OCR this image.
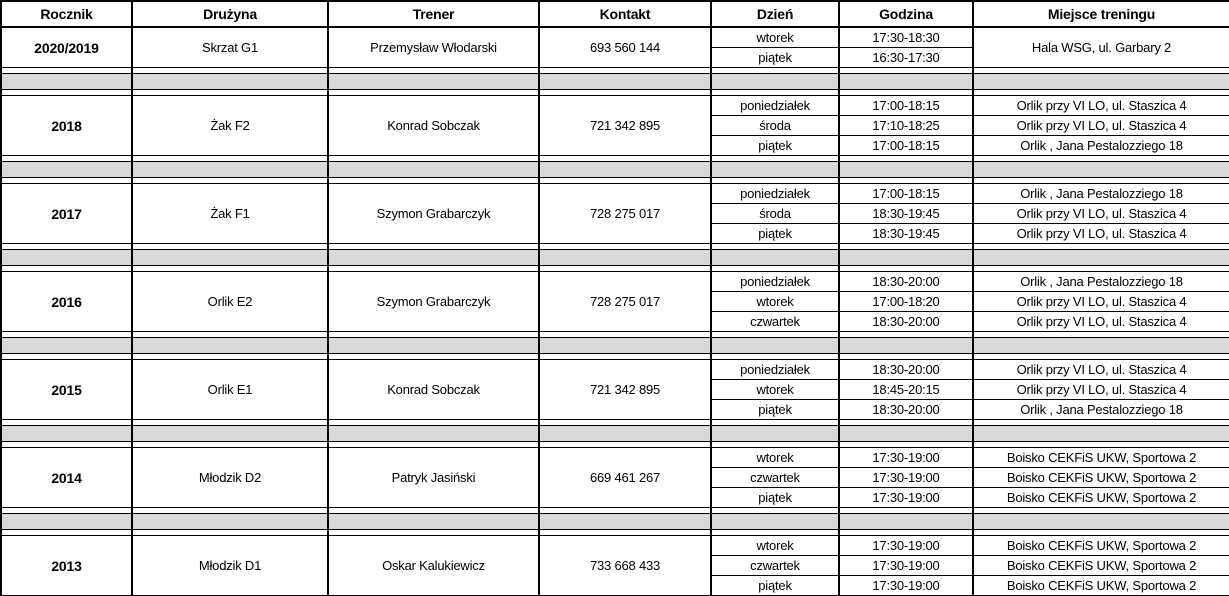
Rocznik	Drużyna	Trener	Kontakt	Dzień	Godzina	Miejsce treningu
2020/2019	Skrzat G1	Przemysław Włodarski	693 560 144	wtorek	17:30-18:30	Hala WSG, ul. Garbary 2
				piątek	16:30-17:30	

2018	Żak F2	Konrad Sobczak	721 342 895	poniedziałek	17:00-18:15	Orlik przy VI LO, ul. Staszica 4
				środa	17:10-18:25	Orlik przy VI LO, ul. Staszica 4
				piątek	17:00-18:15	Orlik , Jana Pestalozziego 18

2017	Żak F1	Szymon Grabarczyk	728 275 017	poniedziałek	17:00-18:15	Orlik , Jana Pestalozziego 18
				środa	18:30-19:45	Orlik przy VI LO, ul. Staszica 4
				piątek	18:30-19:45	Orlik przy VI LO, ul. Staszica 4

2016	Orlik E2	Szymon Grabarczyk	728 275 017	poniedziałek	18:30-20:00	Orlik , Jana Pestalozziego 18
				wtorek	17:00-18:20	Orlik przy VI LO, ul. Staszica 4
				czwartek	18:30-20:00	Orlik przy VI LO, ul. Staszica 4

2015	Orlik E1	Konrad Sobczak	721 342 895	poniedziałek	18:30-20:00	Orlik przy VI LO, ul. Staszica 4
				wtorek	18:45-20:15	Orlik przy VI LO, ul. Staszica 4
				piątek	18:30-20:00	Orlik , Jana Pestalozziego 18

2014	Młodzik D2	Patryk Jasiński	669 461 267	wtorek	17:30-19:00	Boisko CEKFiS UKW, Sportowa 2
				czwartek	17:30-19:00	Boisko CEKFiS UKW, Sportowa 2
				piątek	17:30-19:00	Boisko CEKFiS UKW, Sportowa 2

2013	Młodzik D1	Oskar Kalukiewicz	733 668 433	wtorek	17:30-19:00	Boisko CEKFiS UKW, Sportowa 2
				czwartek	17:30-19:00	Boisko CEKFiS UKW, Sportowa 2
				piątek	17:30-19:00	Boisko CEKFiS UKW, Sportowa 2
